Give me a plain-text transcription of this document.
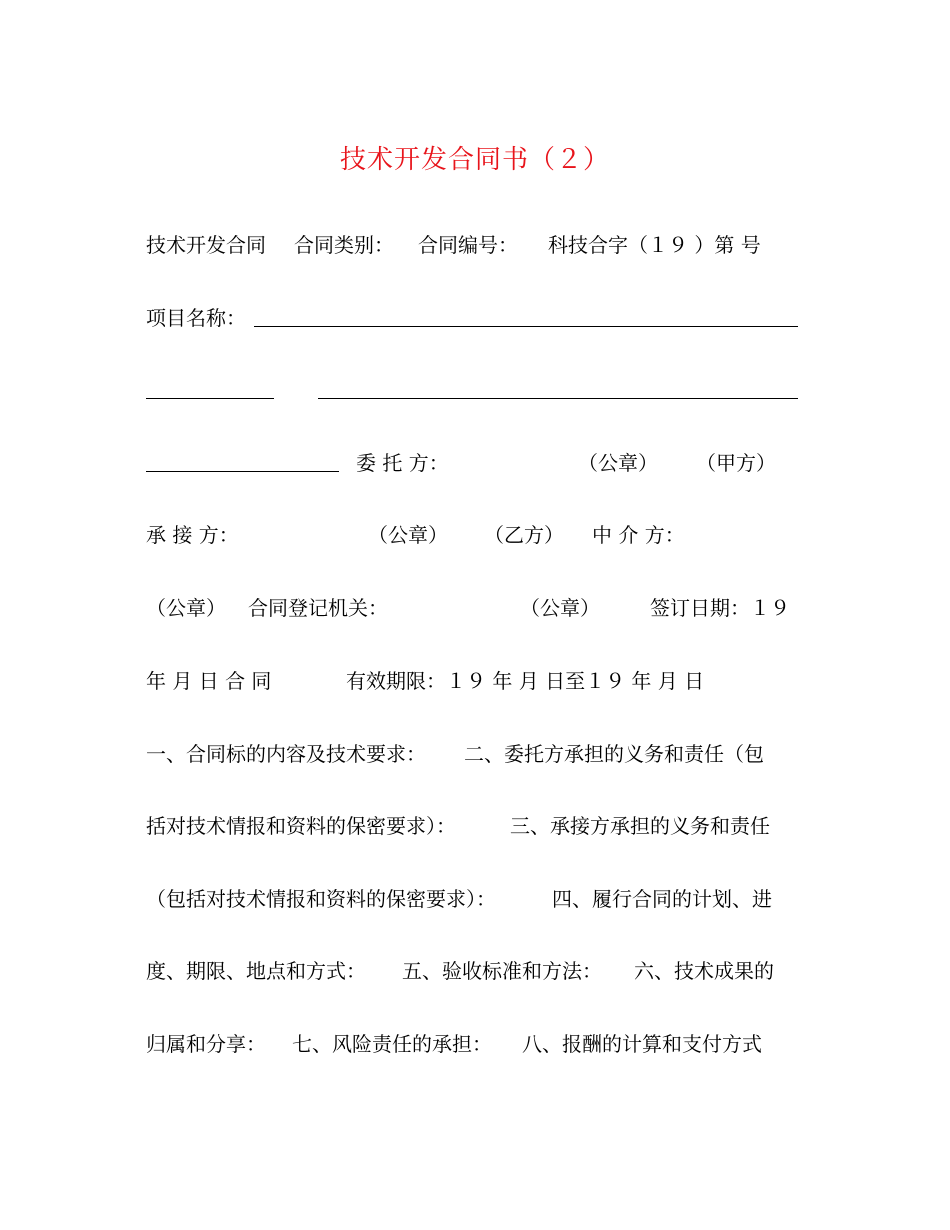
技术开发合同书（２）
技术开发合同 合同类别： 合同编号： 科技合字（１９ ）第 号
项目名称：
委 托 方：	（公章） （甲方）
承 接 方：	（公章） （乙方） 中 介 方：
（公章） 合同登记机关：	（公章）	签订日期：１９
年 月 日 合 同	有效期限：１９ 年 月 日至１９ 年 月 日
一、合同标的内容及技术要求： 二、委托方承担的义务和责任（包
括对技术情报和资料的保密要求）：	三、承接方承担的义务和责任
（包括对技术情报和资料的保密要求）：	四、履行合同的计划、进
度、期限、地点和方式： 五、验收标准和方法： 六、技术成果的
归属和分享： 七、风险责任的承担： 八、报酬的计算和支付方式
